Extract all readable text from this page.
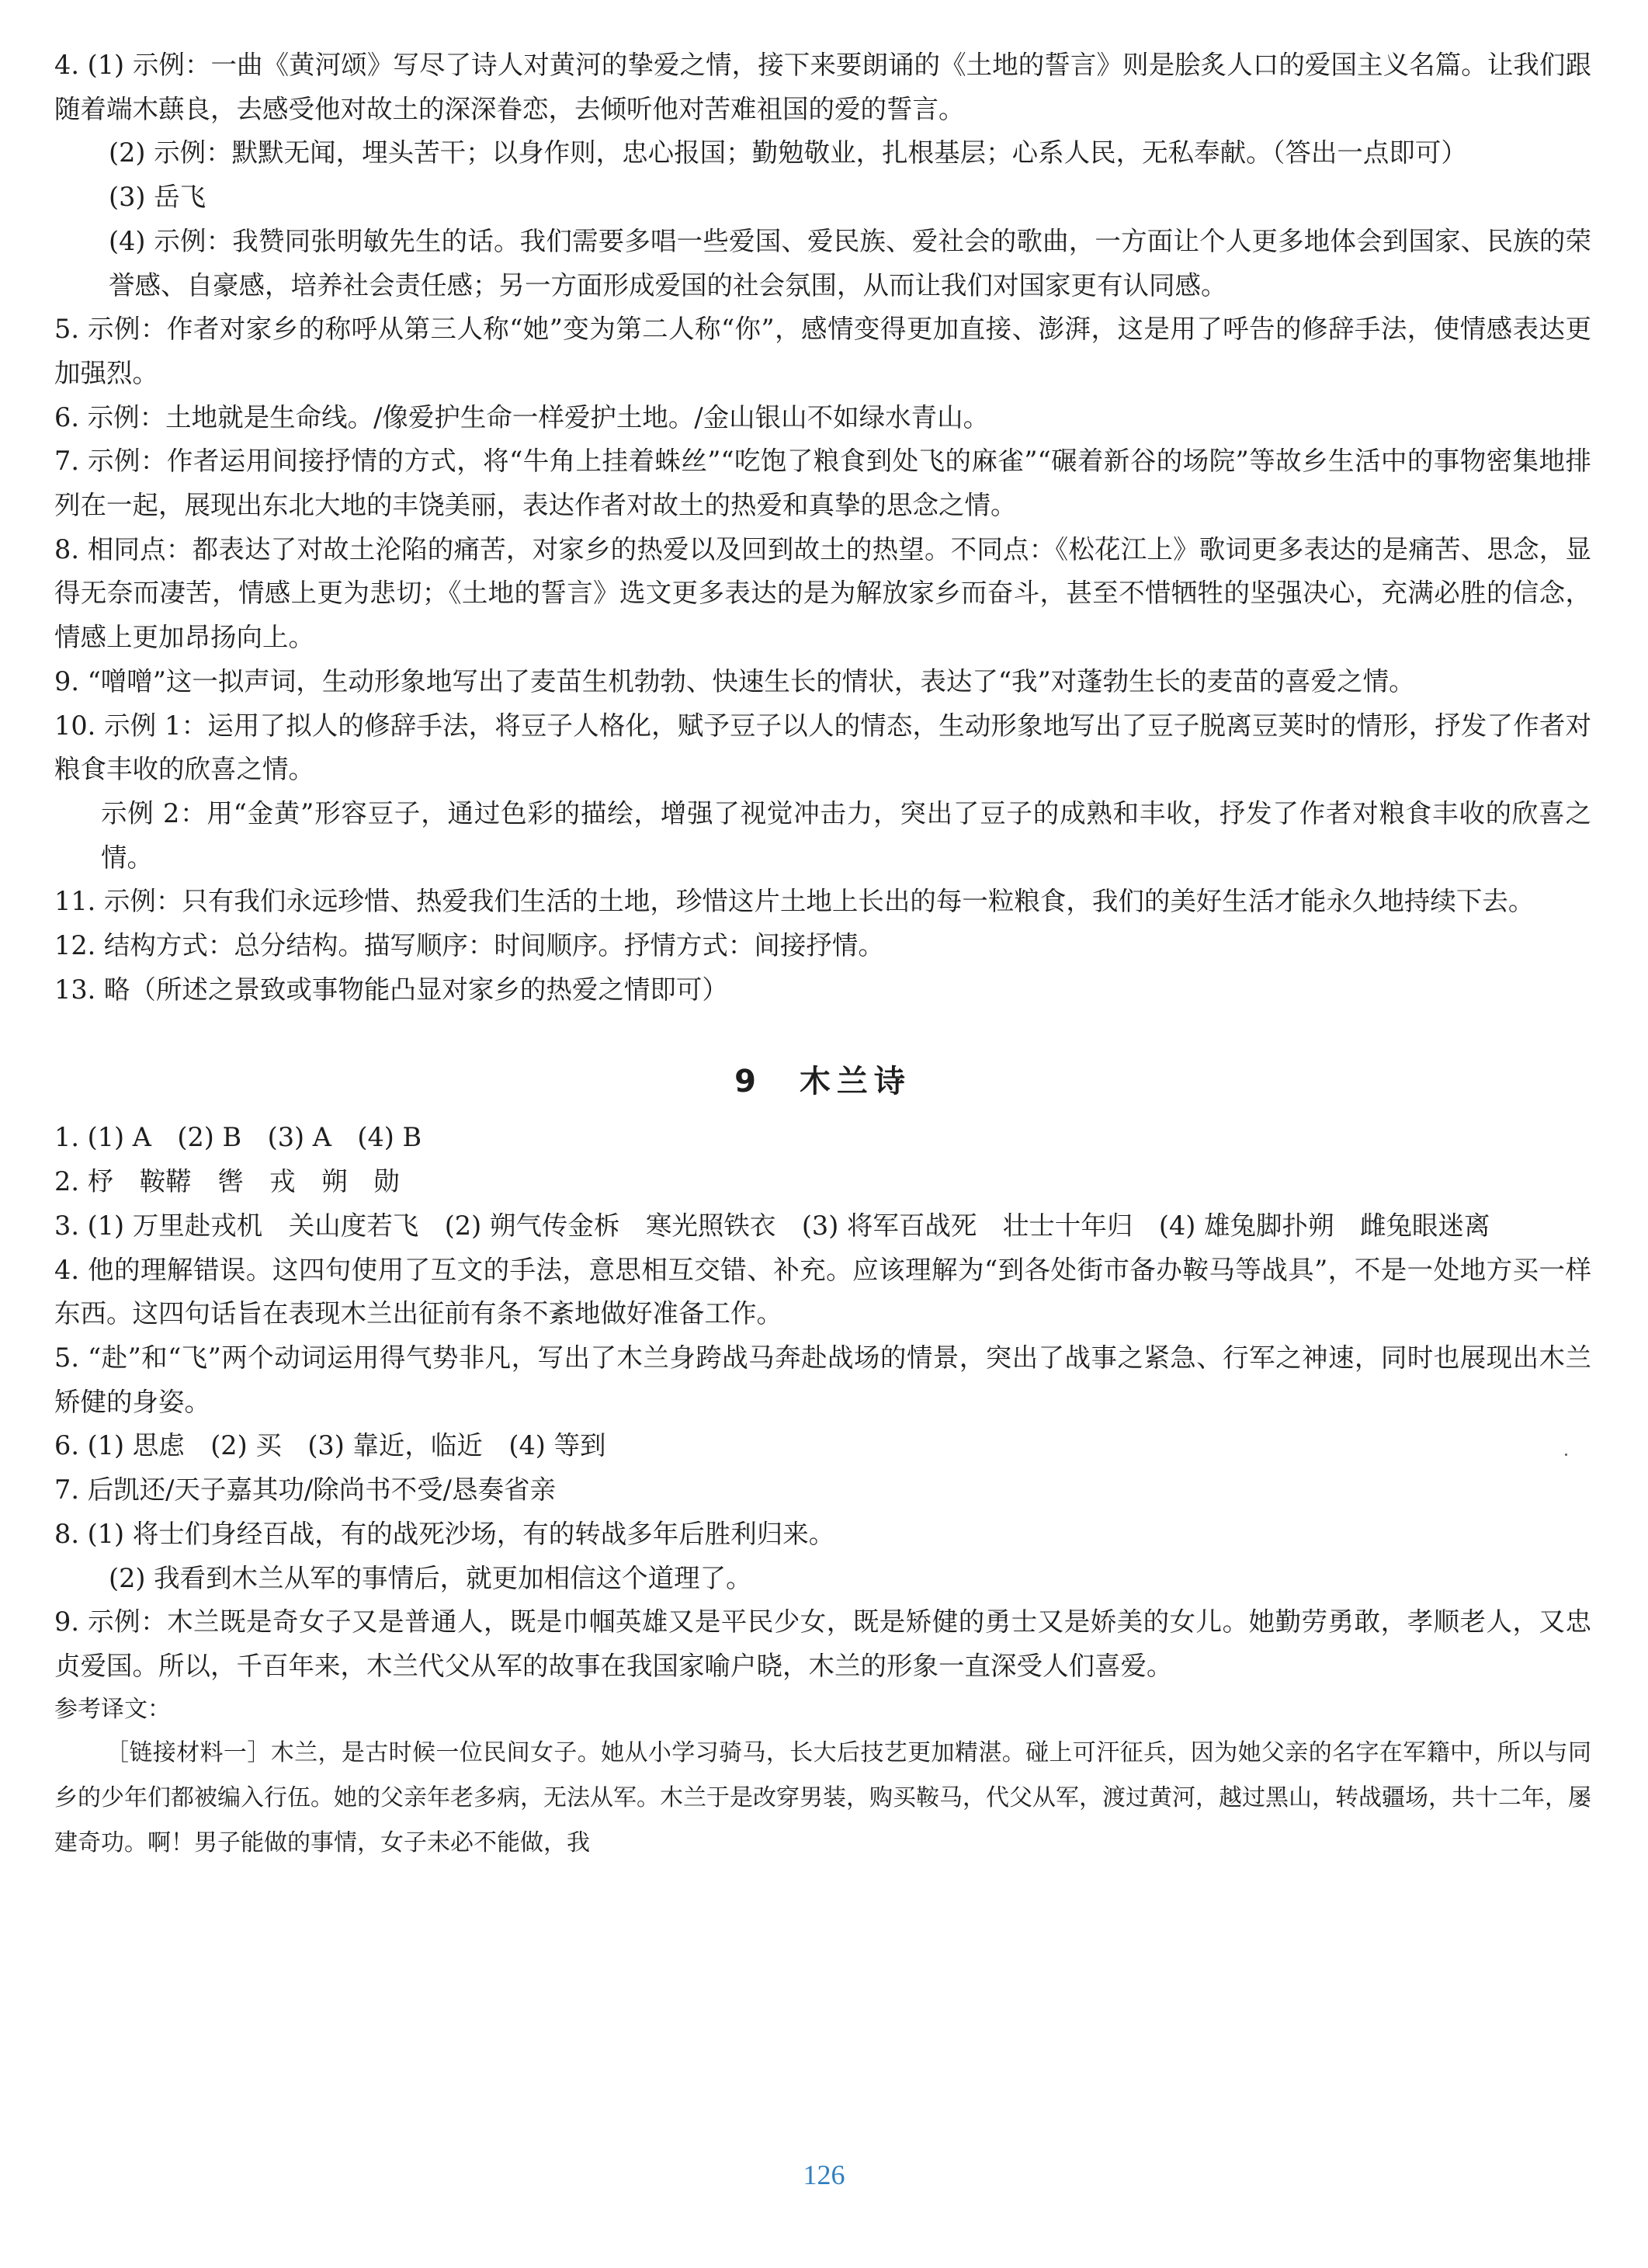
4. (1) 示例：一曲《黄河颂》写尽了诗人对黄河的挚爱之情，接下来要朗诵的《土地的誓言》则是脍炙人口的爱国主义名篇。让我们跟随着端木蕻良，去感受他对故土的深深眷恋，去倾听他对苦难祖国的爱的誓言。

(2) 示例：默默无闻，埋头苦干；以身作则，忠心报国；勤勉敬业，扎根基层；心系人民，无私奉献。（答出一点即可）

(3) 岳飞

(4) 示例：我赞同张明敏先生的话。我们需要多唱一些爱国、爱民族、爱社会的歌曲，一方面让个人更多地体会到国家、民族的荣誉感、自豪感，培养社会责任感；另一方面形成爱国的社会氛围，从而让我们对国家更有认同感。

5. 示例：作者对家乡的称呼从第三人称“她”变为第二人称“你”，感情变得更加直接、澎湃，这是用了呼告的修辞手法，使情感表达更加强烈。

6. 示例：土地就是生命线。/像爱护生命一样爱护土地。/金山银山不如绿水青山。

7. 示例：作者运用间接抒情的方式，将“牛角上挂着蛛丝”“吃饱了粮食到处飞的麻雀”“碾着新谷的场院”等故乡生活中的事物密集地排列在一起，展现出东北大地的丰饶美丽，表达作者对故土的热爱和真挚的思念之情。

8. 相同点：都表达了对故土沦陷的痛苦，对家乡的热爱以及回到故土的热望。不同点：《松花江上》歌词更多表达的是痛苦、思念，显得无奈而凄苦，情感上更为悲切；《土地的誓言》选文更多表达的是为解放家乡而奋斗，甚至不惜牺牲的坚强决心，充满必胜的信念，情感上更加昂扬向上。

9. “噌噌”这一拟声词，生动形象地写出了麦苗生机勃勃、快速生长的情状，表达了“我”对蓬勃生长的麦苗的喜爱之情。

10. 示例 1：运用了拟人的修辞手法，将豆子人格化，赋予豆子以人的情态，生动形象地写出了豆子脱离豆荚时的情形，抒发了作者对粮食丰收的欣喜之情。

示例 2：用“金黄”形容豆子，通过色彩的描绘，增强了视觉冲击力，突出了豆子的成熟和丰收，抒发了作者对粮食丰收的欣喜之情。

11. 示例：只有我们永远珍惜、热爱我们生活的土地，珍惜这片土地上长出的每一粒粮食，我们的美好生活才能永久地持续下去。

12. 结构方式：总分结构。描写顺序：时间顺序。抒情方式：间接抒情。

13. 略（所述之景致或事物能凸显对家乡的热爱之情即可）

9　木兰诗

1. (1) A　(2) B　(3) A　(4) B

2. 杼　鞍鞯　辔　戎　朔　勋

3. (1) 万里赴戎机　关山度若飞　(2) 朔气传金柝　寒光照铁衣　(3) 将军百战死　壮士十年归　(4) 雄兔脚扑朔　雌兔眼迷离

4. 他的理解错误。这四句使用了互文的手法，意思相互交错、补充。应该理解为“到各处街市备办鞍马等战具”，不是一处地方买一样东西。这四句话旨在表现木兰出征前有条不紊地做好准备工作。

5. “赴”和“飞”两个动词运用得气势非凡，写出了木兰身跨战马奔赴战场的情景，突出了战事之紧急、行军之神速，同时也展现出木兰矫健的身姿。

6. (1) 思虑　(2) 买　(3) 靠近，临近　(4) 等到

7. 后凯还/天子嘉其功/除尚书不受/恳奏省亲

8. (1) 将士们身经百战，有的战死沙场，有的转战多年后胜利归来。

(2) 我看到木兰从军的事情后，就更加相信这个道理了。

9. 示例：木兰既是奇女子又是普通人，既是巾帼英雄又是平民少女，既是矫健的勇士又是娇美的女儿。她勤劳勇敢，孝顺老人，又忠贞爱国。所以，千百年来，木兰代父从军的故事在我国家喻户晓，木兰的形象一直深受人们喜爱。

参考译文：

［链接材料一］木兰，是古时候一位民间女子。她从小学习骑马，长大后技艺更加精湛。碰上可汗征兵，因为她父亲的名字在军籍中，所以与同乡的少年们都被编入行伍。她的父亲年老多病，无法从军。木兰于是改穿男装，购买鞍马，代父从军，渡过黄河，越过黑山，转战疆场，共十二年，屡建奇功。啊！男子能做的事情，女子未必不能做，我

126
